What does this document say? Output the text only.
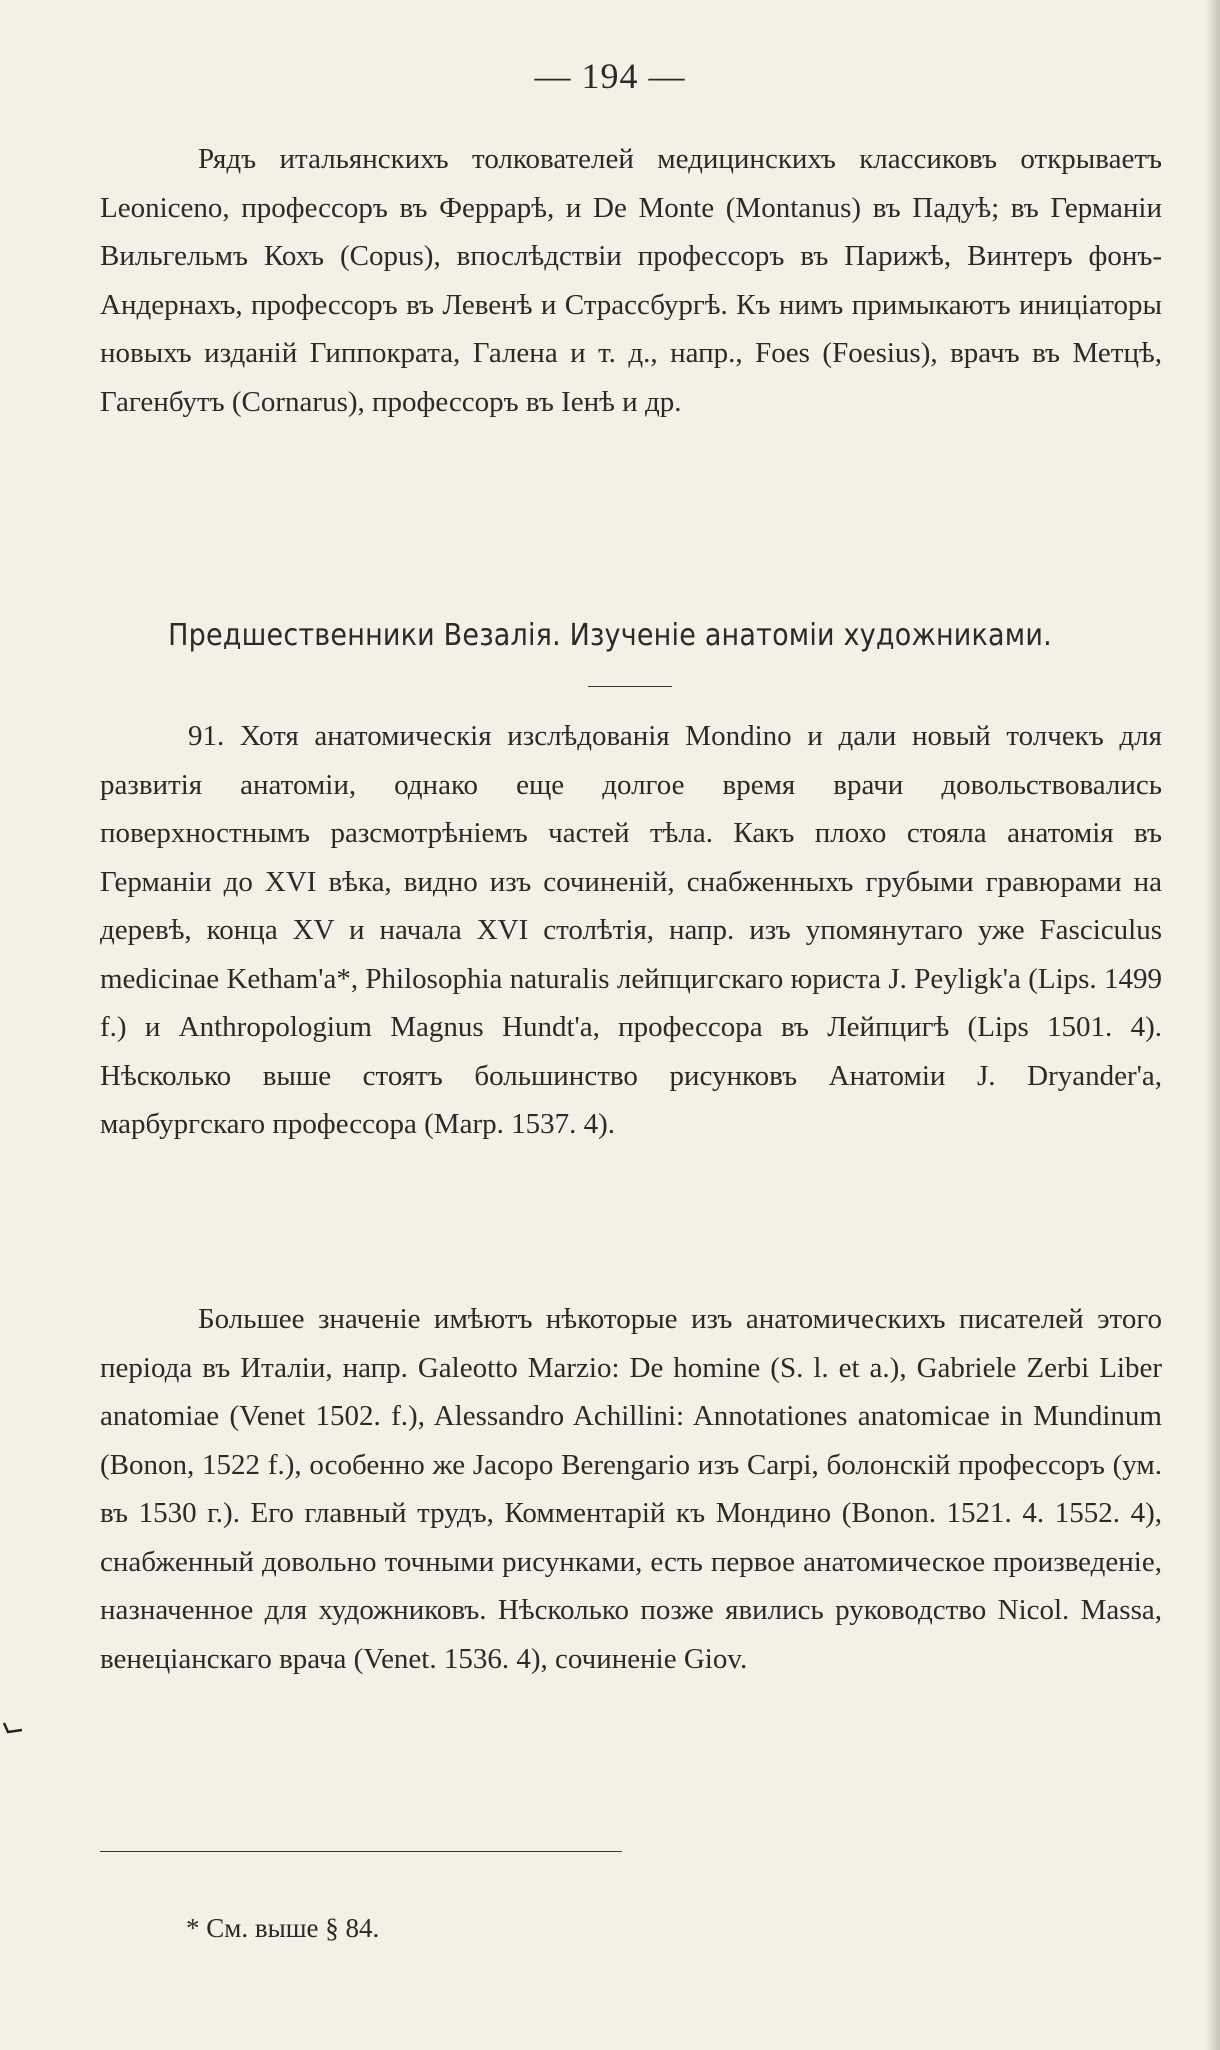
— 194 —

Рядъ итальянскихъ толкователей медицинскихъ классиковъ открываетъ Leoniceno, профессоръ въ Феррарѣ, и De Monte (Montanus) въ Падуѣ; въ Германіи Вильгельмъ Кохъ (Copus), впослѣдствіи профессоръ въ Парижѣ, Винтеръ фонъ-Андернахъ, профессоръ въ Левенѣ и Страссбургѣ. Къ нимъ примыкаютъ иниціаторы новыхъ изданій Гиппократа, Галена и т. д., напр., Foes (Foesius), врачъ въ Метцѣ, Гагенбутъ (Cornarus), профессоръ въ Іенѣ и др.

Предшественники Везалія. Изученіе анатоміи художниками.

91. Хотя анатомическія изслѣдованія Mondino и дали новый толчекъ для развитія анатоміи, однако еще долгое время врачи довольствовались поверхностнымъ разсмотрѣніемъ частей тѣла. Какъ плохо стояла анатомія въ Германіи до XVI вѣка, видно изъ сочиненій, снабженныхъ грубыми гравюрами на деревѣ, конца XV и начала XVI столѣтія, напр. изъ упомянутаго уже Fasciculus medicinae Ketham'a*, Philosophia naturalis лейпцигскаго юриста J. Peyligk'a (Lips. 1499 f.) и Anthropologium Magnus Hundt'a, профессора въ Лейпцигѣ (Lips 1501. 4). Нѣсколько выше стоятъ большинство рисунковъ Анатоміи J. Dryander'a, марбургскаго профессора (Marp. 1537. 4).

Большее значеніе имѣютъ нѣкоторые изъ анатомическихъ писателей этого періода въ Италіи, напр. Galeotto Marzio: De homine (S. l. et a.), Gabriele Zerbi Liber anatomiae (Venet 1502. f.), Alessandro Achillini: Annotationes anatomicae in Mundinum (Bonon, 1522 f.), особенно же Jacopo Berengario изъ Carpi, болонскій профессоръ (ум. въ 1530 г.). Его главный трудъ, Комментарій къ Мондино (Bonon. 1521. 4. 1552. 4), снабженный довольно точными рисунками, есть первое анатомическое произведеніе, назначенное для художниковъ. Нѣсколько позже явились руководство Nicol. Massa, венеціанскаго врача (Venet. 1536. 4), сочиненіе Giov.

* См. выше § 84.
